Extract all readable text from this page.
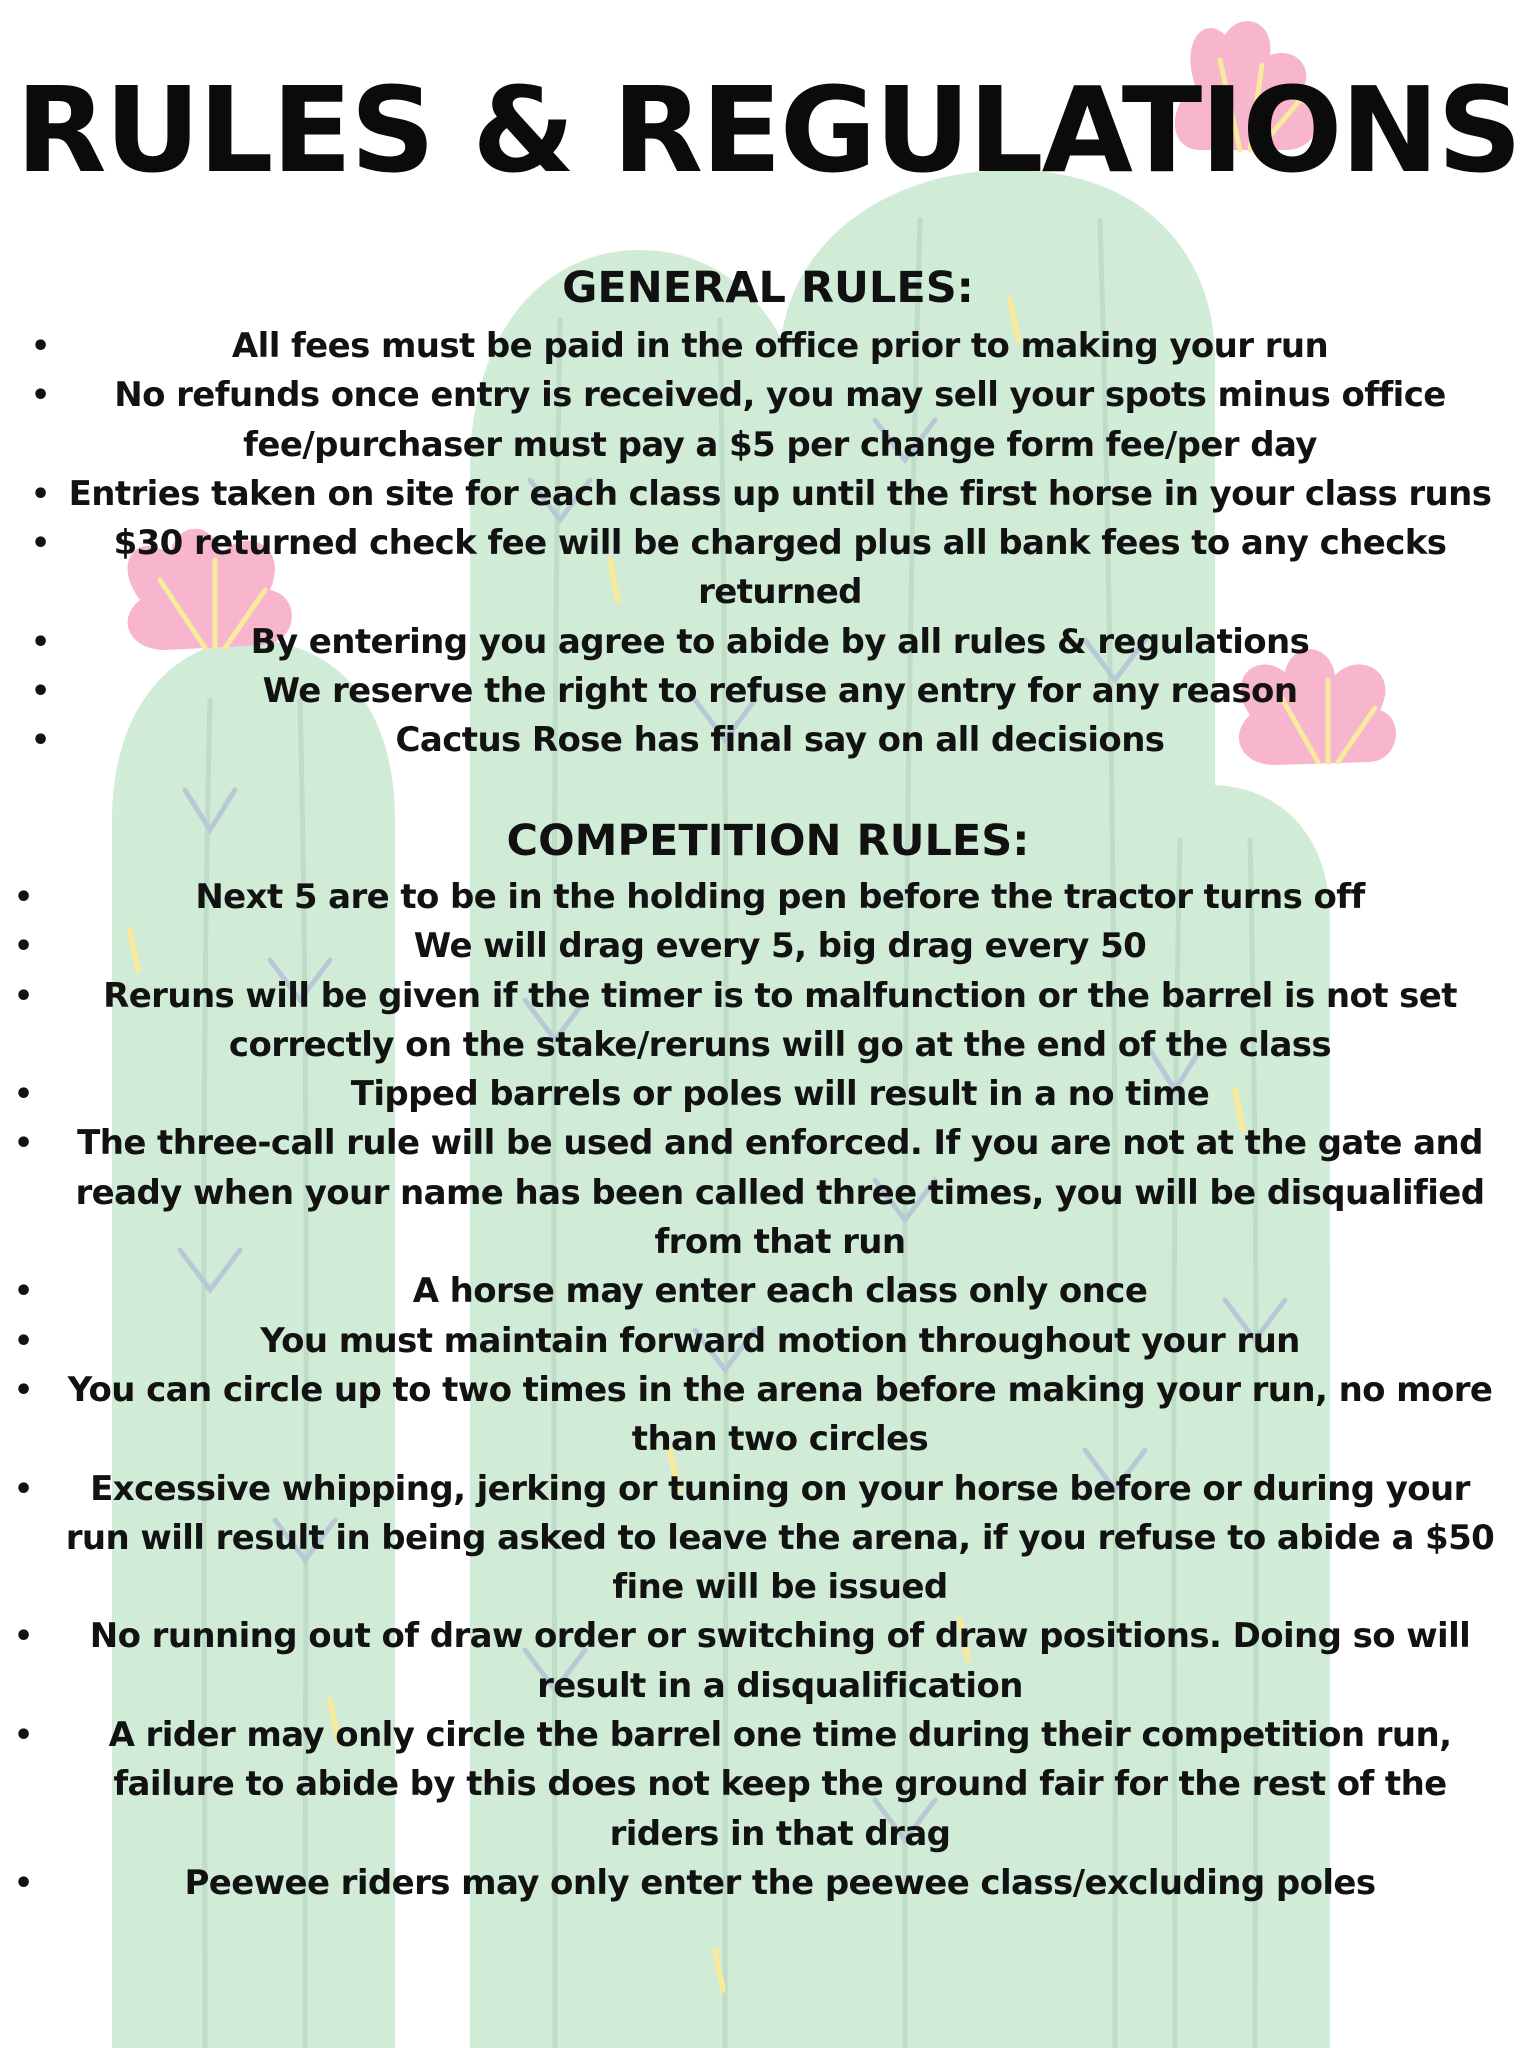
RULES & REGULATIONS
GENERAL RULES:
•	All fees must be paid in the office prior to making your run
• No refunds once entry is received, you may sell your spots minus office fee/purchaser must pay a $5 per change form fee/per day
• Entries taken on site for each class up until the first horse in your class runs
• $30 returned check fee will be charged plus all bank fees to any checks returned
•	By entering you agree to abide by all rules & regulations
•	We reserve the right to refuse any entry for any reason
•	Cactus Rose has final say on all decisions
COMPETITION RULES:
•	Next 5 are to be in the holding pen before the tractor turns off
•	We will drag every 5, big drag every 50
• Reruns will be given if the timer is to malfunction or the barrel is not set correctly on the stake/reruns will go at the end of the class
•	Tipped barrels or poles will result in a no time
• The three-call rule will be used and enforced. If you are not at the gate and ready when your name has been called three times, you will be disqualified from that run
•	A horse may enter each class only once
•	You must maintain forward motion throughout your run
• You can circle up to two times in the arena before making your run, no more than two circles
• Excessive whipping, jerking or tuning on your horse before or during your run will result in being asked to leave the arena, if you refuse to abide a $50 fine will be issued
• No running out of draw order or switching of draw positions. Doing so will result in a disqualification
• A rider may only circle the barrel one time during their competition run, failure to abide by this does not keep the ground fair for the rest of the riders in that drag
•	Peewee riders may only enter the peewee class/excluding poles
